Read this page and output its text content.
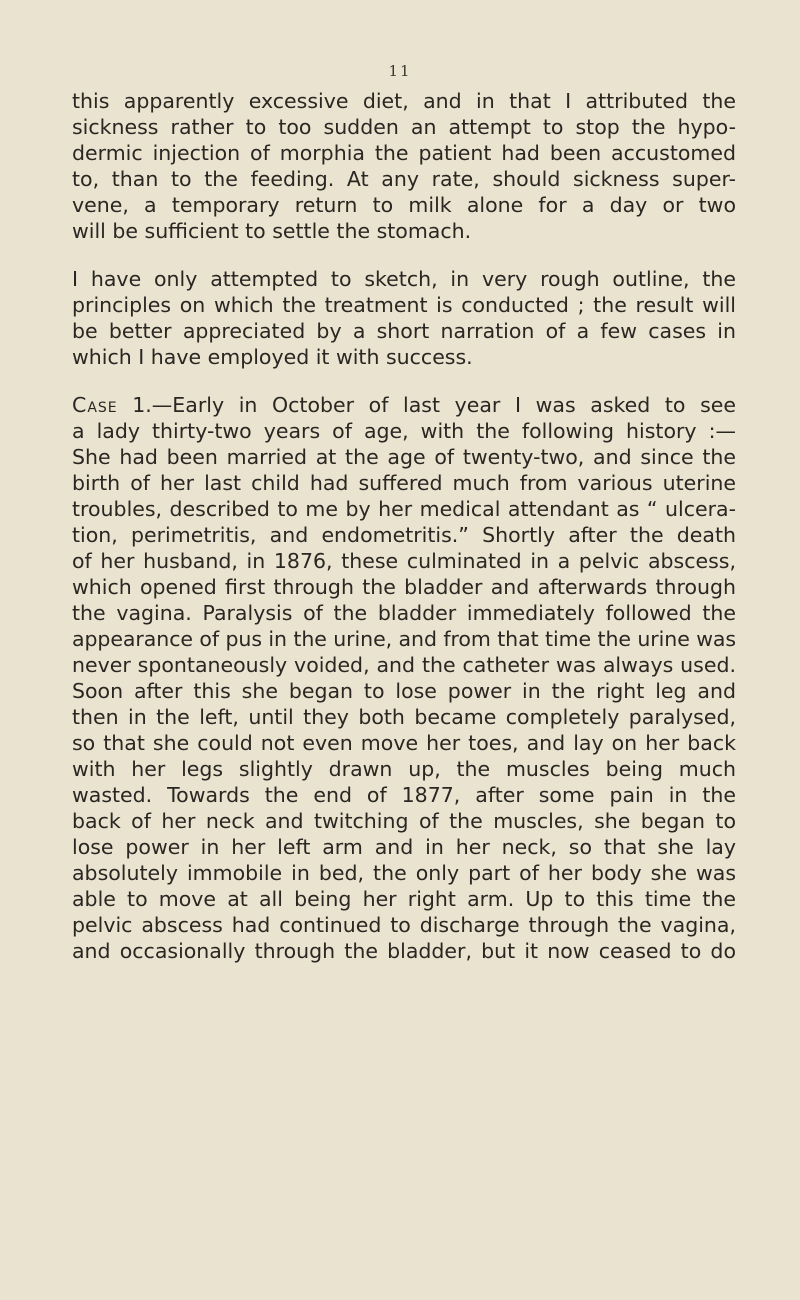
11

this apparently excessive diet, and in that I attributed the
sickness rather to too sudden an attempt to stop the hypo-
dermic injection of morphia the patient had been accustomed
to, than to the feeding. At any rate, should sickness super-
vene, a temporary return to milk alone for a day or two
will be sufficient to settle the stomach.

I have only attempted to sketch, in very rough outline, the
principles on which the treatment is conducted ; the result will
be better appreciated by a short narration of a few cases in
which I have employed it with success.

Case 1.—Early in October of last year I was asked to see
a lady thirty-two years of age, with the following history :—
She had been married at the age of twenty-two, and since the
birth of her last child had suffered much from various uterine
troubles, described to me by her medical attendant as “ ulcera-
tion, perimetritis, and endometritis.” Shortly after the death
of her husband, in 1876, these culminated in a pelvic abscess,
which opened first through the bladder and afterwards through
the vagina. Paralysis of the bladder immediately followed the
appearance of pus in the urine, and from that time the urine was
never spontaneously voided, and the catheter was always used.
Soon after this she began to lose power in the right leg and
then in the left, until they both became completely paralysed,
so that she could not even move her toes, and lay on her back
with her legs slightly drawn up, the muscles being much
wasted. Towards the end of 1877, after some pain in the
back of her neck and twitching of the muscles, she began to
lose power in her left arm and in her neck, so that she lay
absolutely immobile in bed, the only part of her body she was
able to move at all being her right arm. Up to this time the
pelvic abscess had continued to discharge through the vagina,
and occasionally through the bladder, but it now ceased to do
